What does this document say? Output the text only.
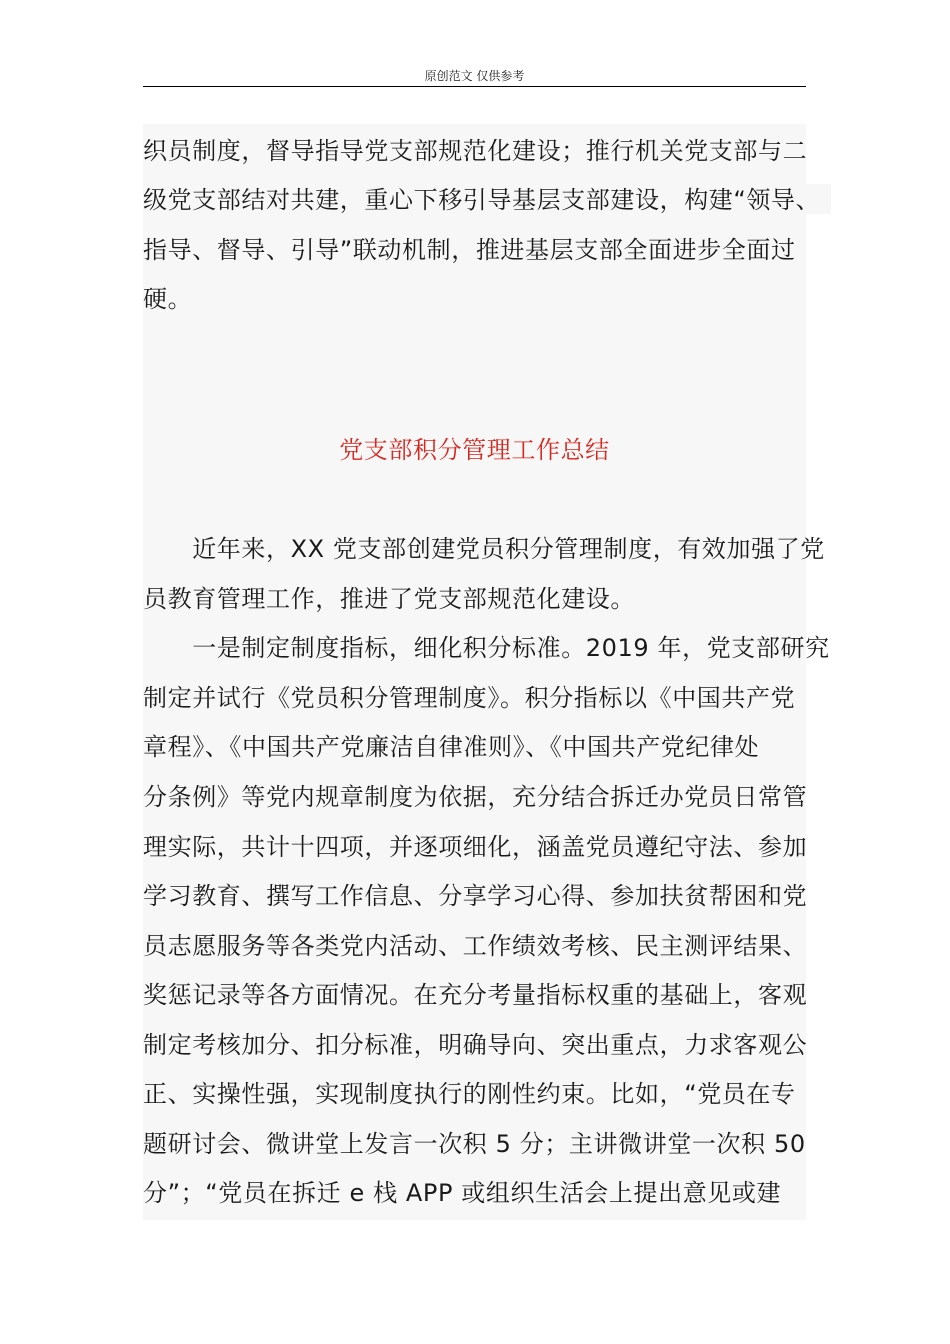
原创范文 仅供参考
织员制度，督导指导党支部规范化建设；推行机关党支部与二
级党支部结对共建，重心下移引导基层支部建设，构建“领导、
指导、督导、引导”联动机制，推进基层支部全面进步全面过
硬。
党支部积分管理工作总结
　　近年来，XX 党支部创建党员积分管理制度，有效加强了党
员教育管理工作，推进了党支部规范化建设。
　　一是制定制度指标，细化积分标准。2019 年，党支部研究
制定并试行《党员积分管理制度》。积分指标以《中国共产党
章程》、《中国共产党廉洁自律准则》、《中国共产党纪律处
分条例》等党内规章制度为依据，充分结合拆迁办党员日常管
理实际，共计十四项，并逐项细化，涵盖党员遵纪守法、参加
学习教育、撰写工作信息、分享学习心得、参加扶贫帮困和党
员志愿服务等各类党内活动、工作绩效考核、民主测评结果、
奖惩记录等各方面情况。在充分考量指标权重的基础上，客观
制定考核加分、扣分标准，明确导向、突出重点，力求客观公
正、实操性强，实现制度执行的刚性约束。比如，“党员在专
题研讨会、微讲堂上发言一次积 5 分；主讲微讲堂一次积 50
分”；“党员在拆迁 e 栈 APP 或组织生活会上提出意见或建
